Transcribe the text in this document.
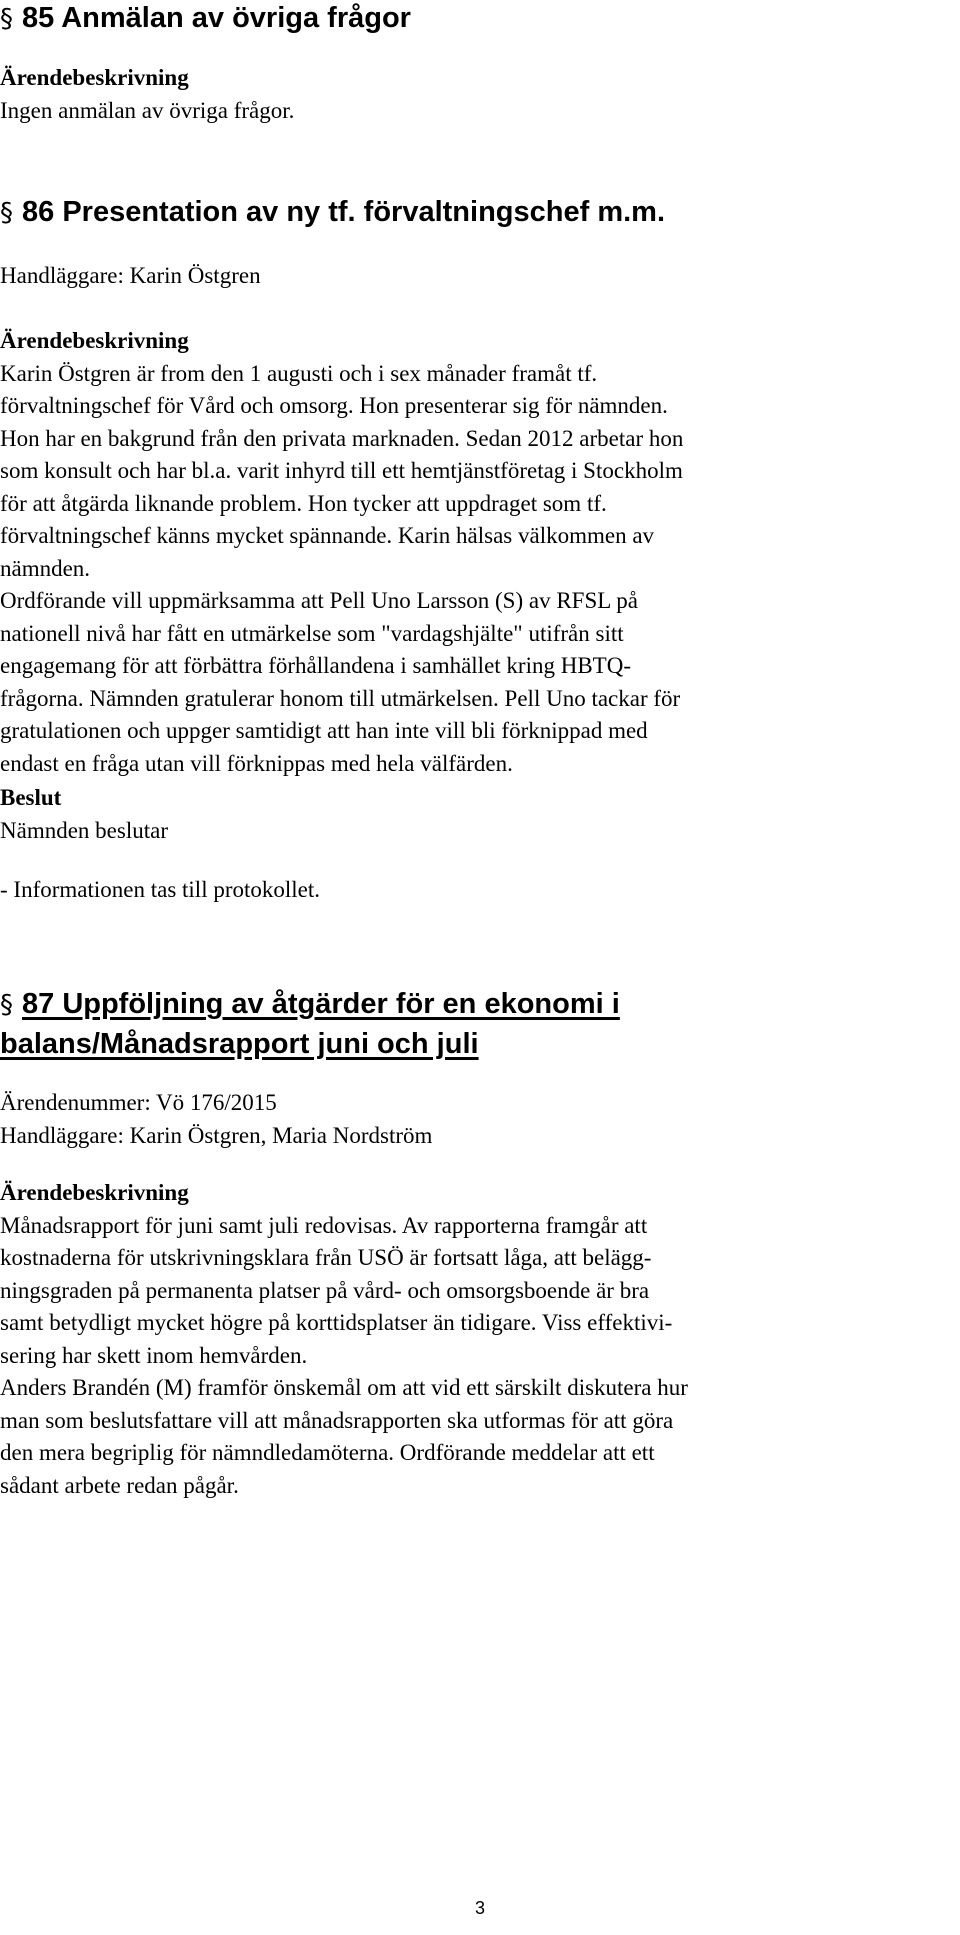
§ 85 Anmälan av övriga frågor

Ärendebeskrivning

Ingen anmälan av övriga frågor.

§ 86 Presentation av ny tf. förvaltningschef m.m.

Handläggare: Karin Östgren

Ärendebeskrivning

Karin Östgren är from den 1 augusti och i sex månader framåt tf.
förvaltningschef för Vård och omsorg. Hon presenterar sig för nämnden.
Hon har en bakgrund från den privata marknaden. Sedan 2012 arbetar hon
som konsult och har bl.a. varit inhyrd till ett hemtjänstföretag i Stockholm
för att åtgärda liknande problem. Hon tycker att uppdraget som tf.
förvaltningschef känns mycket spännande. Karin hälsas välkommen av
nämnden.

Ordförande vill uppmärksamma att Pell Uno Larsson (S) av RFSL på
nationell nivå har fått en utmärkelse som "vardagshjälte" utifrån sitt
engagemang för att förbättra förhållandena i samhället kring HBTQ-
frågorna. Nämnden gratulerar honom till utmärkelsen. Pell Uno tackar för
gratulationen och uppger samtidigt att han inte vill bli förknippad med
endast en fråga utan vill förknippas med hela välfärden.

Beslut

Nämnden beslutar

- Informationen tas till protokollet.

§ 87 Uppföljning av åtgärder för en ekonomi i
balans/Månadsrapport juni och juli

Ärendenummer: Vö 176/2015

Handläggare: Karin Östgren, Maria Nordström

Ärendebeskrivning

Månadsrapport för juni samt juli redovisas. Av rapporterna framgår att
kostnaderna för utskrivningsklara från USÖ är fortsatt låga, att belägg-
ningsgraden på permanenta platser på vård- och omsorgsboende är bra
samt betydligt mycket högre på korttidsplatser än tidigare. Viss effektivi-
sering har skett inom hemvården.

Anders Brandén (M) framför önskemål om att vid ett särskilt diskutera hur
man som beslutsfattare vill att månadsrapporten ska utformas för att göra
den mera begriplig för nämndledamöterna. Ordförande meddelar att ett
sådant arbete redan pågår.

3
